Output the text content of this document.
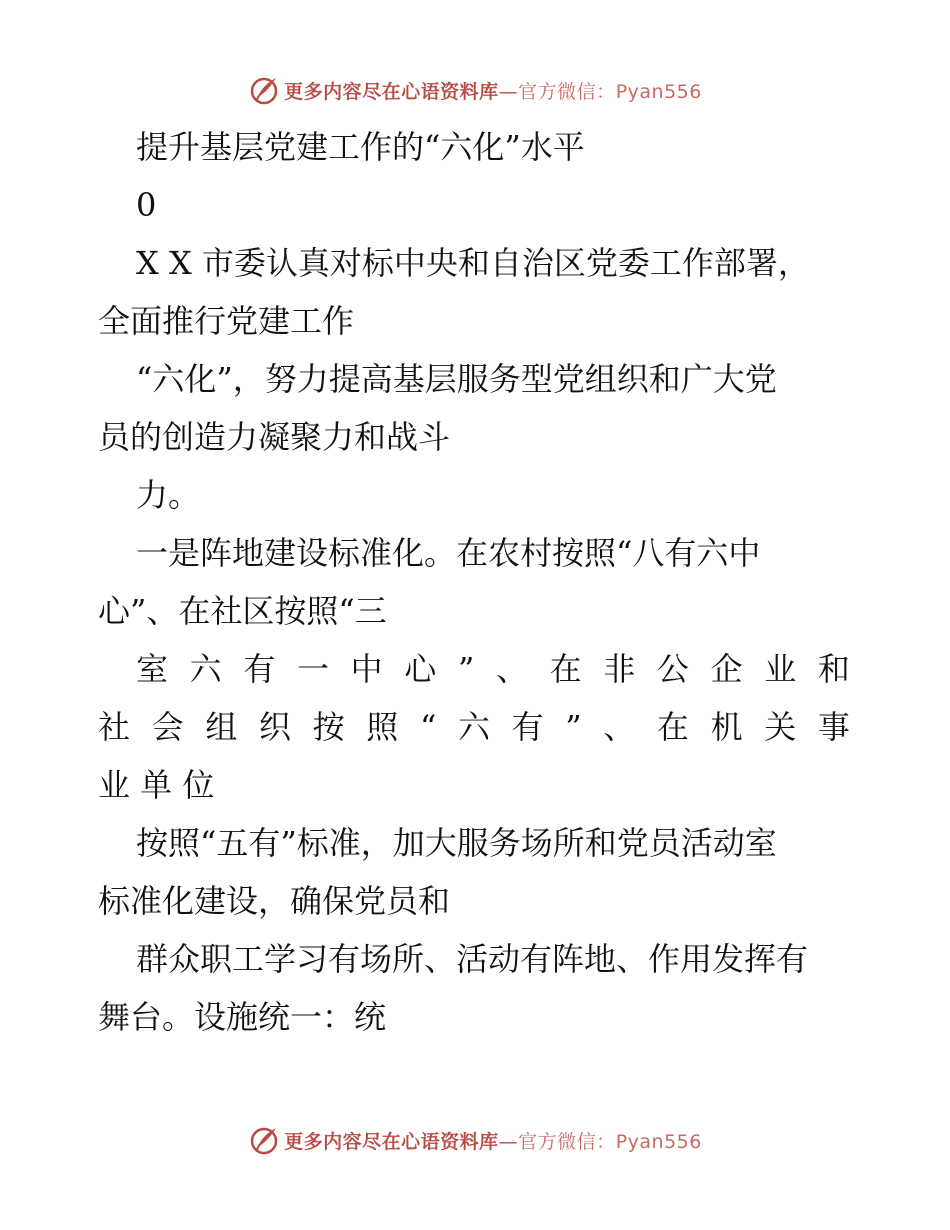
更多内容尽在心语资料库—官方微信：Pyan556
提升基层党建工作的“六化”水平
0
X X 市委认真对标中央和自治区党委工作部署，
全面推行党建工作
“六化”，努力提高基层服务型党组织和广大党
员的创造力凝聚力和战斗
力。
一是阵地建设标准化。在农村按照“八有六中
心”、在社区按照“三
室 六 有 一 中 心 ” 、 在 非 公 企 业 和
社 会 组 织 按 照 “ 六 有 ” 、 在 机 关 事
业 单 位
按照“五有”标准，加大服务场所和党员活动室
标准化建设，确保党员和
群众职工学习有场所、活动有阵地、作用发挥有
舞台。设施统一：统
更多内容尽在心语资料库—官方微信：Pyan556
